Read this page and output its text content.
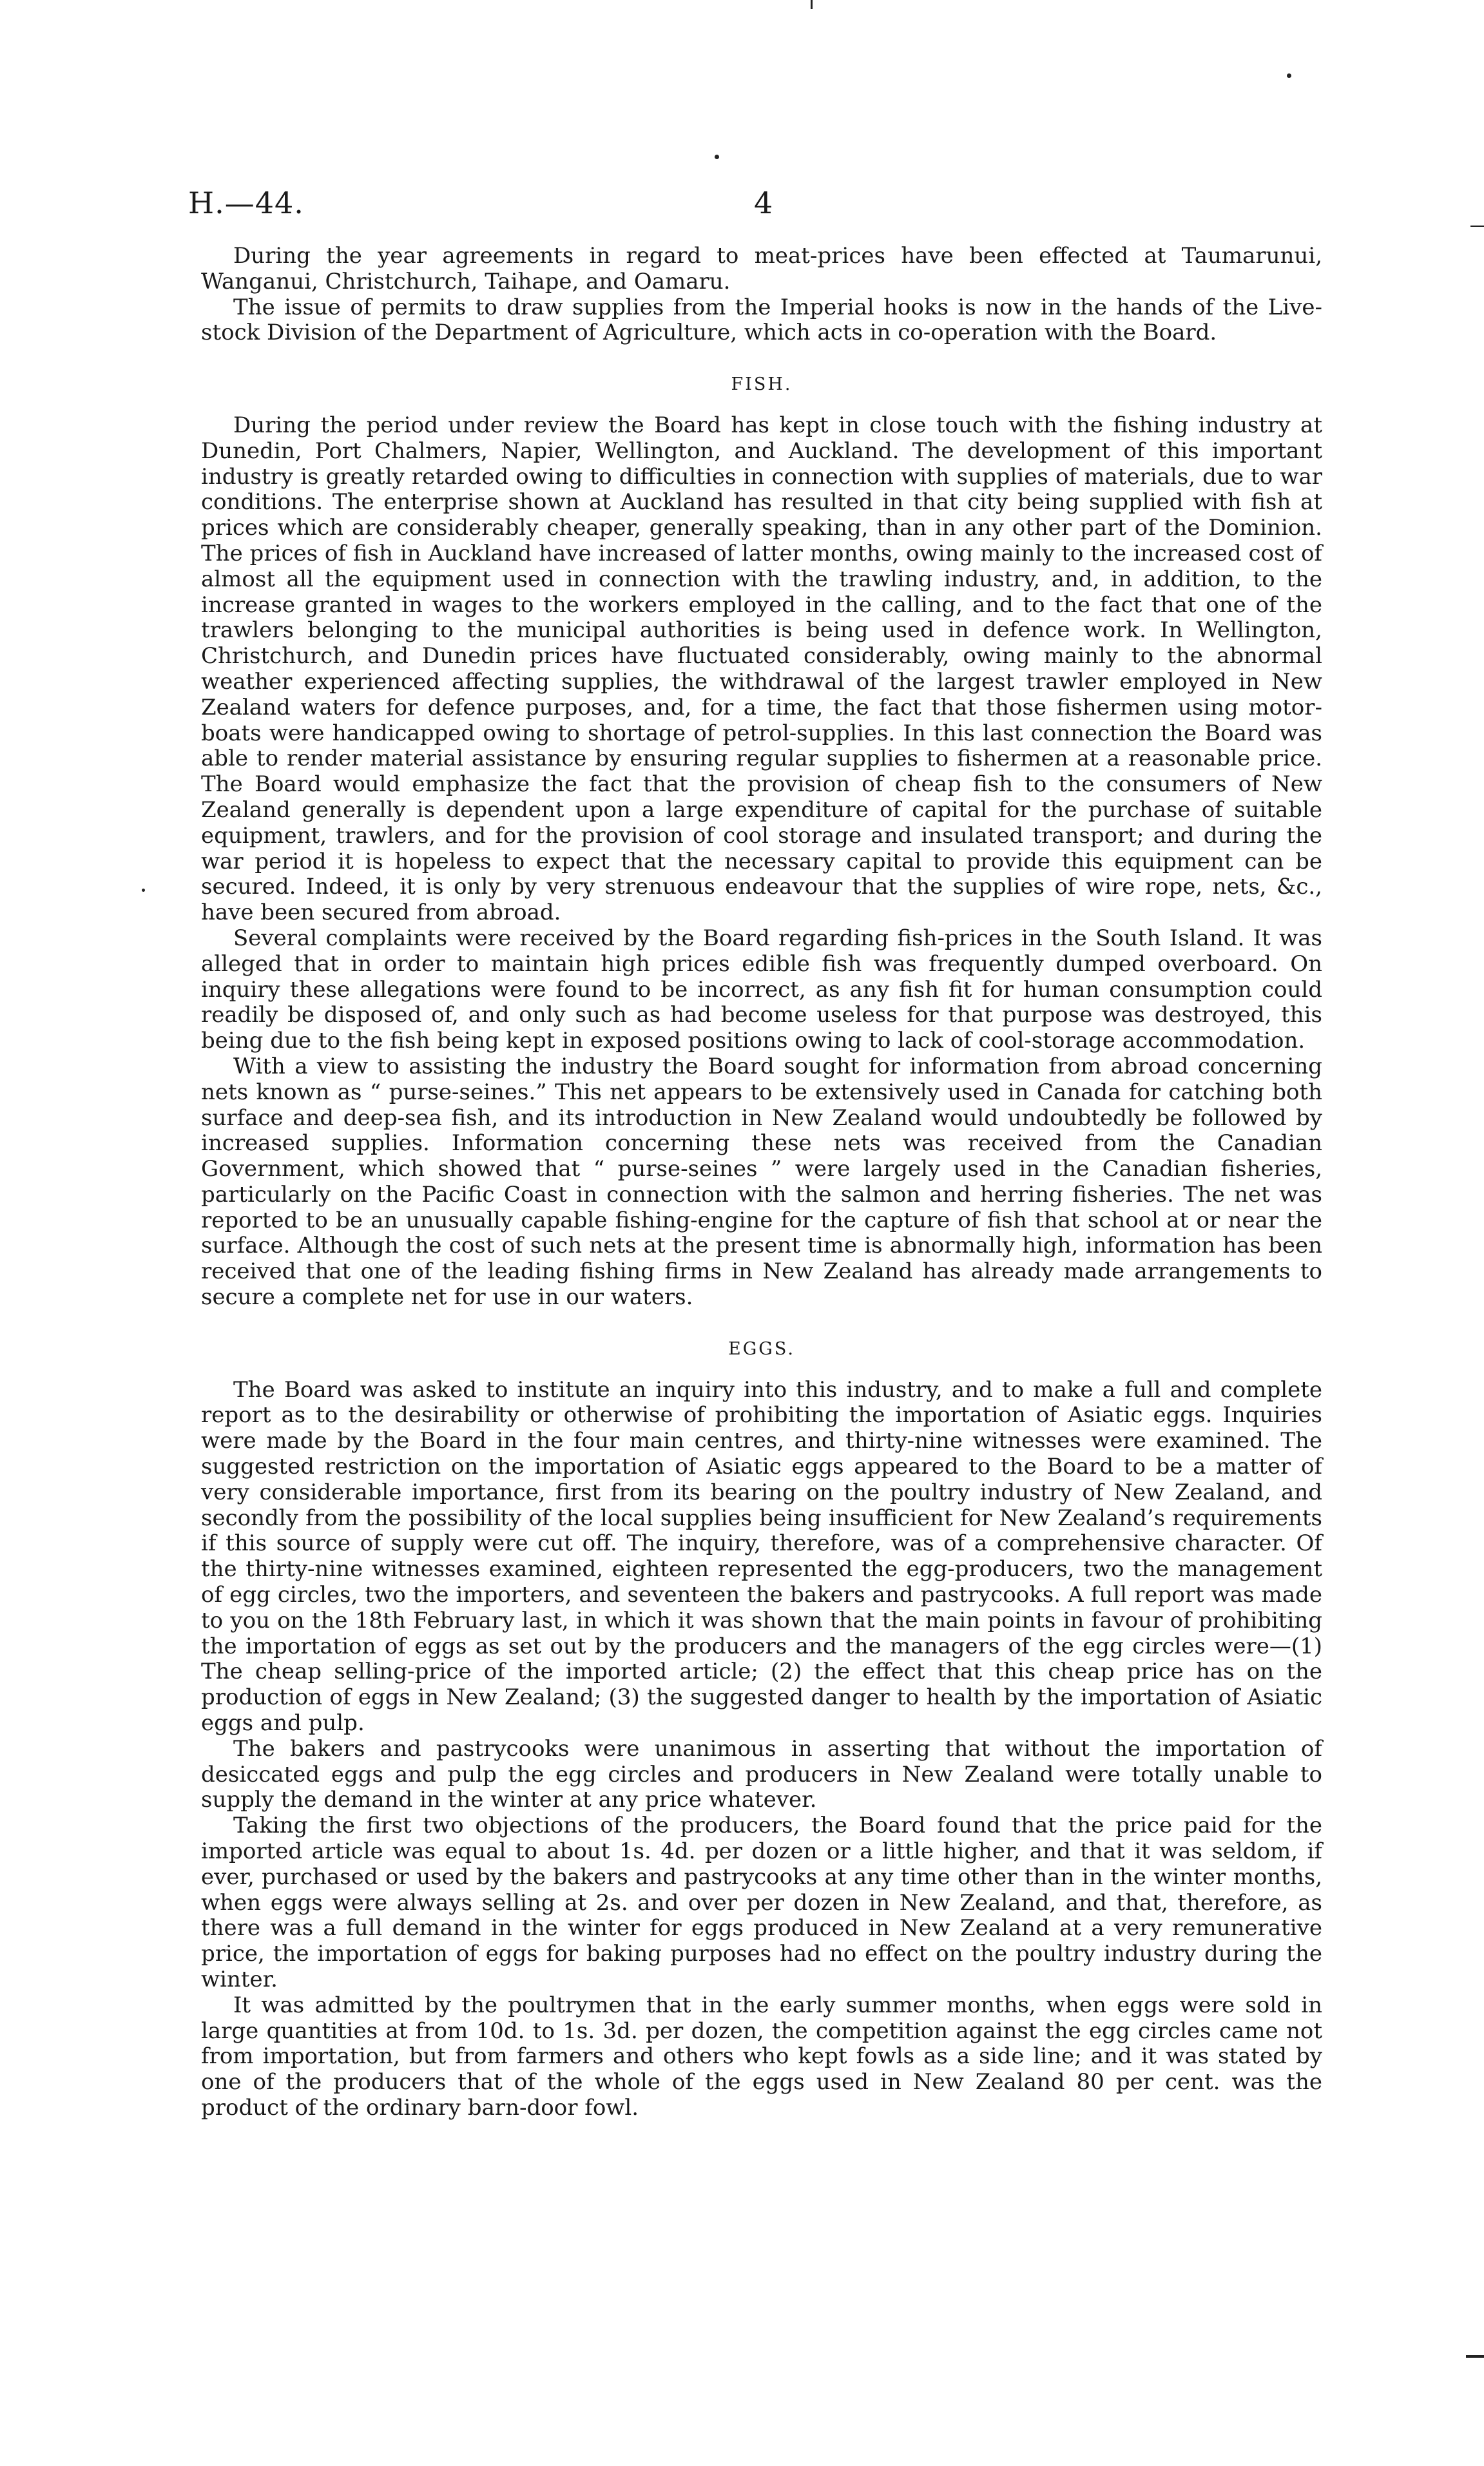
H.—44.	4

During the year agreements in regard to meat-prices have been effected at Taumarunui, Wanganui, Christchurch, Taihape, and Oamaru.

The issue of permits to draw supplies from the Imperial hooks is now in the hands of the Live-stock Division of the Department of Agriculture, which acts in co-operation with the Board.

FISH.

During the period under review the Board has kept in close touch with the fishing industry at Dunedin, Port Chalmers, Napier, Wellington, and Auckland. The development of this important industry is greatly retarded owing to difficulties in connection with supplies of materials, due to war conditions. The enterprise shown at Auckland has resulted in that city being supplied with fish at prices which are considerably cheaper, generally speaking, than in any other part of the Dominion. The prices of fish in Auckland have increased of latter months, owing mainly to the increased cost of almost all the equipment used in connection with the trawling industry, and, in addition, to the increase granted in wages to the workers employed in the calling, and to the fact that one of the trawlers belonging to the municipal authorities is being used in defence work. In Wellington, Christchurch, and Dunedin prices have fluctuated considerably, owing mainly to the abnormal weather experienced affecting supplies, the withdrawal of the largest trawler employed in New Zealand waters for defence purposes, and, for a time, the fact that those fishermen using motor-boats were handicapped owing to shortage of petrol-supplies. In this last connection the Board was able to render material assistance by ensuring regular supplies to fishermen at a reasonable price. The Board would emphasize the fact that the provision of cheap fish to the consumers of New Zealand generally is dependent upon a large expenditure of capital for the purchase of suitable equipment, trawlers, and for the provision of cool storage and insulated transport; and during the war period it is hopeless to expect that the necessary capital to provide this equipment can be secured. Indeed, it is only by very strenuous endeavour that the supplies of wire rope, nets, &c., have been secured from abroad.

Several complaints were received by the Board regarding fish-prices in the South Island. It was alleged that in order to maintain high prices edible fish was frequently dumped overboard. On inquiry these allegations were found to be incorrect, as any fish fit for human consumption could readily be disposed of, and only such as had become useless for that purpose was destroyed, this being due to the fish being kept in exposed positions owing to lack of cool-storage accommodation.

With a view to assisting the industry the Board sought for information from abroad concerning nets known as “ purse-seines.” This net appears to be extensively used in Canada for catching both surface and deep-sea fish, and its introduction in New Zealand would undoubtedly be followed by increased supplies. Information concerning these nets was received from the Canadian Government, which showed that “ purse-seines ” were largely used in the Canadian fisheries, particularly on the Pacific Coast in connection with the salmon and herring fisheries. The net was reported to be an unusually capable fishing-engine for the capture of fish that school at or near the surface. Although the cost of such nets at the present time is abnormally high, information has been received that one of the leading fishing firms in New Zealand has already made arrangements to secure a complete net for use in our waters.

EGGS.

The Board was asked to institute an inquiry into this industry, and to make a full and complete report as to the desirability or otherwise of prohibiting the importation of Asiatic eggs. Inquiries were made by the Board in the four main centres, and thirty-nine witnesses were examined. The suggested restriction on the importation of Asiatic eggs appeared to the Board to be a matter of very considerable importance, first from its bearing on the poultry industry of New Zealand, and secondly from the possibility of the local supplies being insufficient for New Zealand’s requirements if this source of supply were cut off. The inquiry, therefore, was of a comprehensive character. Of the thirty-nine witnesses examined, eighteen represented the egg-producers, two the management of egg circles, two the importers, and seventeen the bakers and pastrycooks. A full report was made to you on the 18th February last, in which it was shown that the main points in favour of prohibiting the importation of eggs as set out by the producers and the managers of the egg circles were—(1) The cheap selling-price of the imported article; (2) the effect that this cheap price has on the production of eggs in New Zealand; (3) the suggested danger to health by the importation of Asiatic eggs and pulp.

The bakers and pastrycooks were unanimous in asserting that without the importation of desiccated eggs and pulp the egg circles and producers in New Zealand were totally unable to supply the demand in the winter at any price whatever.

Taking the first two objections of the producers, the Board found that the price paid for the imported article was equal to about 1s. 4d. per dozen or a little higher, and that it was seldom, if ever, purchased or used by the bakers and pastrycooks at any time other than in the winter months, when eggs were always selling at 2s. and over per dozen in New Zealand, and that, therefore, as there was a full demand in the winter for eggs produced in New Zealand at a very remunerative price, the importation of eggs for baking purposes had no effect on the poultry industry during the winter.

It was admitted by the poultrymen that in the early summer months, when eggs were sold in large quantities at from 10d. to 1s. 3d. per dozen, the competition against the egg circles came not from importation, but from farmers and others who kept fowls as a side line; and it was stated by one of the producers that of the whole of the eggs used in New Zealand 80 per cent. was the product of the ordinary barn-door fowl.
